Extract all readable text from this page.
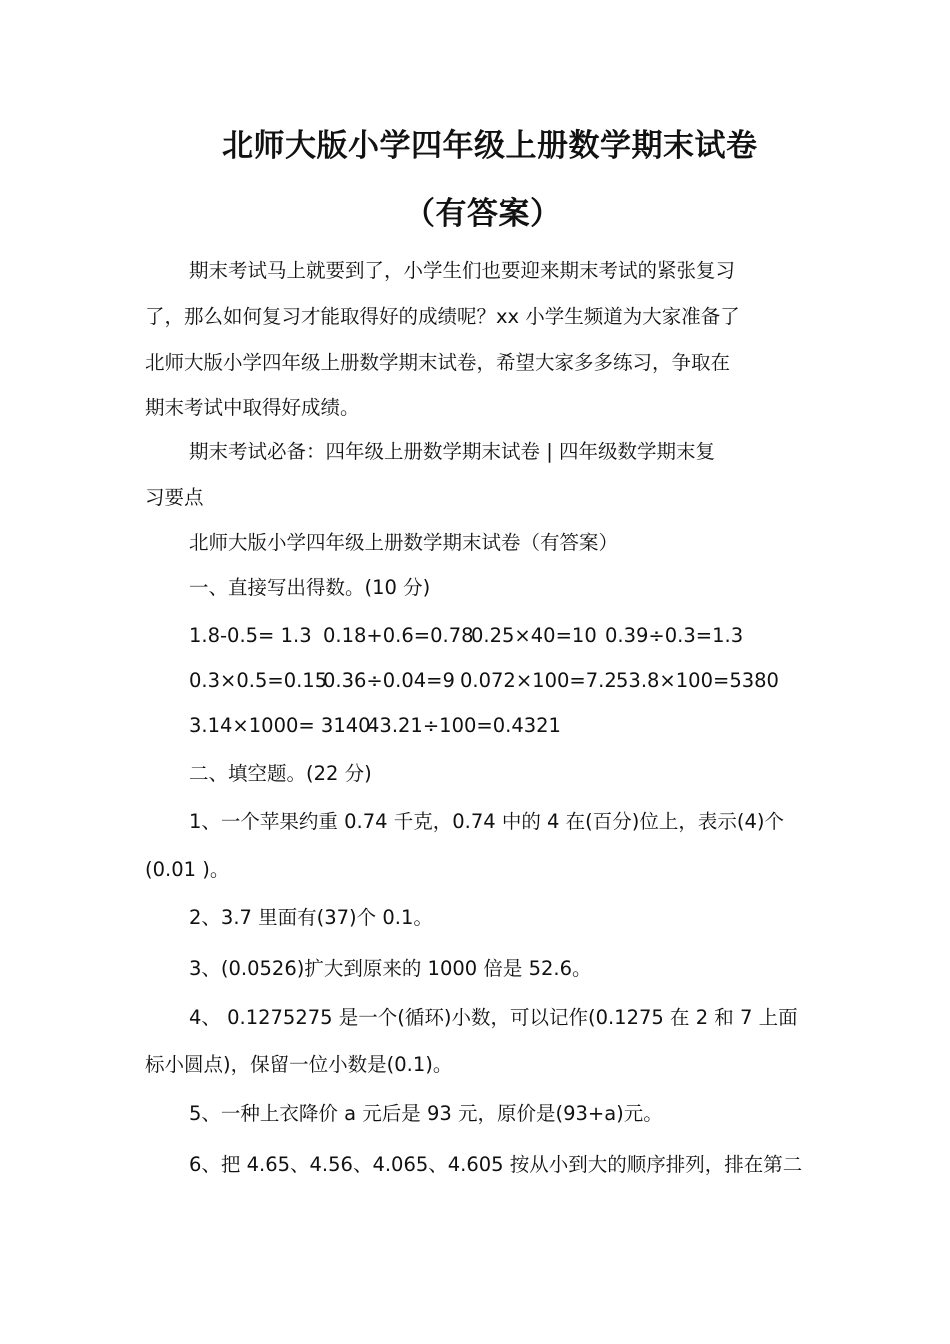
北师大版小学四年级上册数学期末试卷
（有答案）
期末考试马上就要到了，小学生们也要迎来期末考试的紧张复习
了，那么如何复习才能取得好的成绩呢？xx 小学生频道为大家准备了
北师大版小学四年级上册数学期末试卷，希望大家多多练习，争取在
期末考试中取得好成绩。
期末考试必备：四年级上册数学期末试卷 | 四年级数学期末复
习要点
北师大版小学四年级上册数学期末试卷（有答案）
一、直接写出得数。(10 分)
1.8-0.5= 1.3 0.18+0.6=0.780.25×40=10 0.39÷0.3=1.3
0.3×0.5=0.150.36÷0.04=9 0.072×100=7.253.8×100=5380
3.14×1000= 314043.21÷100=0.4321
二、填空题。(22 分)
1、一个苹果约重 0.74 千克，0.74 中的 4 在(百分)位上，表示(4)个
(0.01 )。
2、3.7 里面有(37)个 0.1。
3、(0.0526)扩大到原来的 1000 倍是 52.6。
4、 0.1275275 是一个(循环)小数，可以记作(0.1275 在 2 和 7 上面
标小圆点)，保留一位小数是(0.1)。
5、一种上衣降价 a 元后是 93 元，原价是(93+a)元。
6、把 4.65、4.56、4.065、4.605 按从小到大的顺序排列，排在第二
